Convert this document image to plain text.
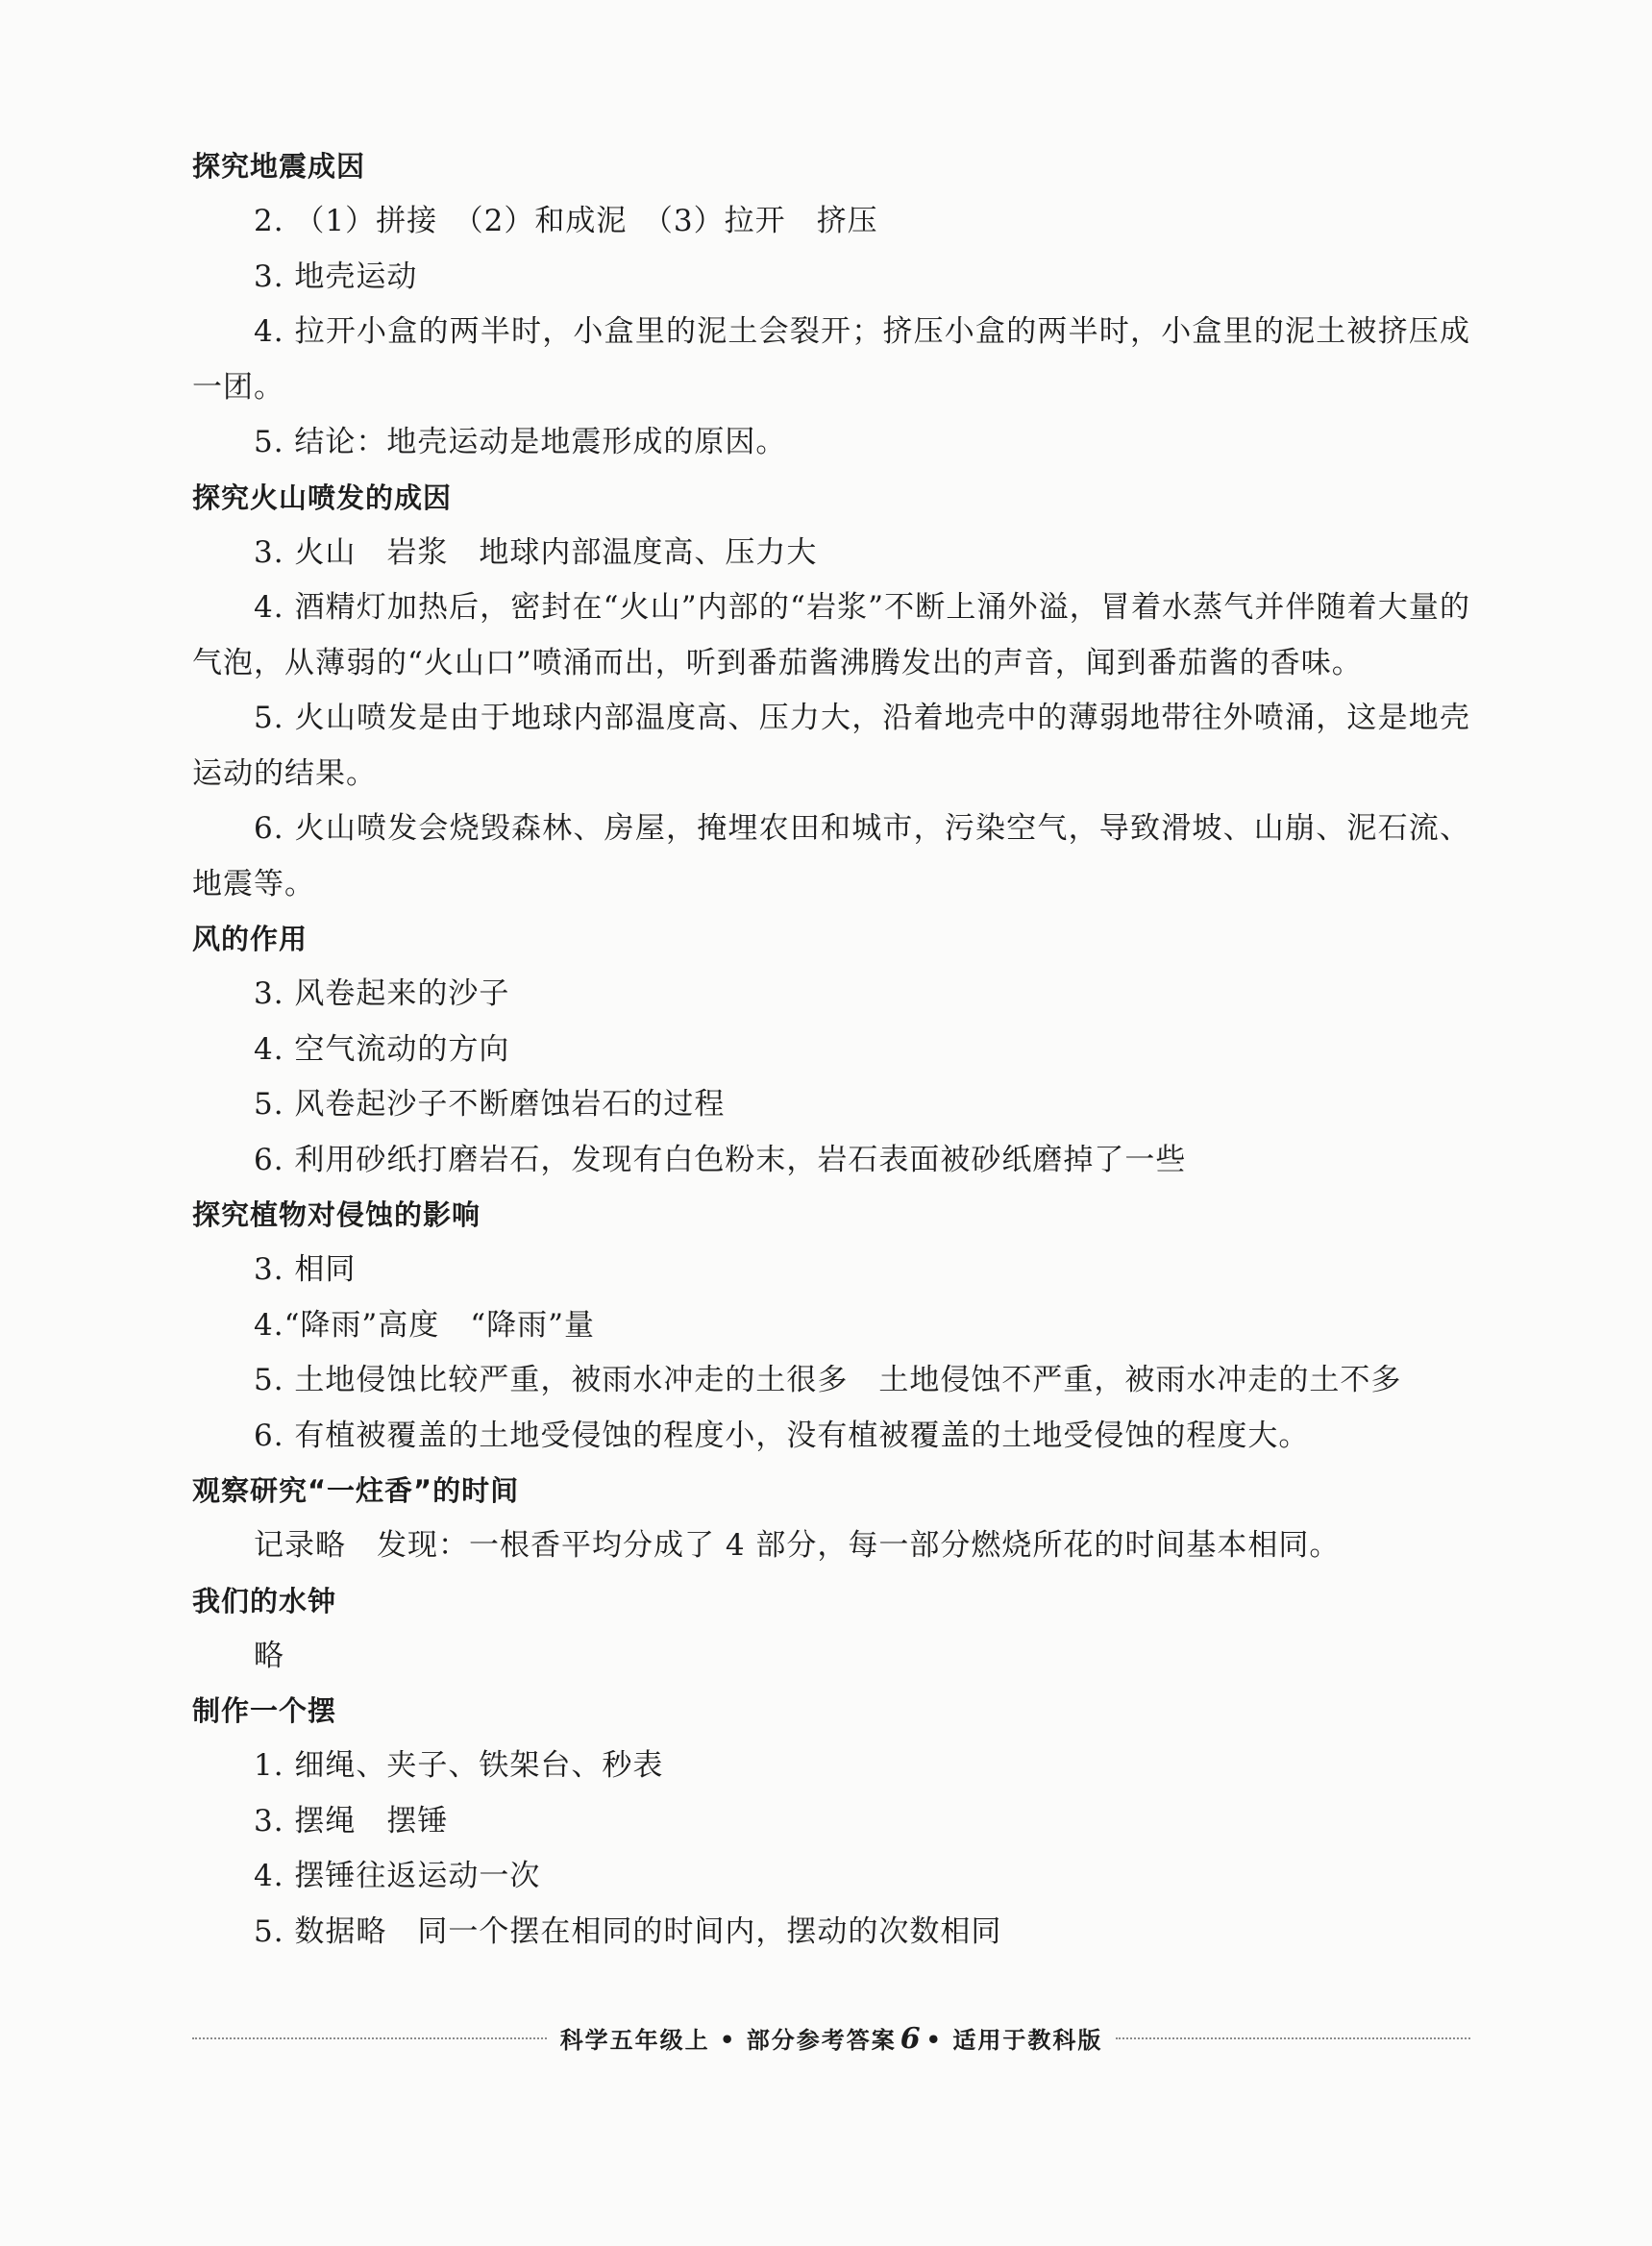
探究地震成因
2. （1）拼接　（2）和成泥　（3）拉开　挤压
3. 地壳运动
4. 拉开小盒的两半时，小盒里的泥土会裂开；挤压小盒的两半时，小盒里的泥土被挤压成一团。
5. 结论：地壳运动是地震形成的原因。
探究火山喷发的成因
3. 火山　岩浆　地球内部温度高、压力大
4. 酒精灯加热后，密封在“火山”内部的“岩浆”不断上涌外溢，冒着水蒸气并伴随着大量的气泡，从薄弱的“火山口”喷涌而出，听到番茄酱沸腾发出的声音，闻到番茄酱的香味。
5. 火山喷发是由于地球内部温度高、压力大，沿着地壳中的薄弱地带往外喷涌，这是地壳运动的结果。
6. 火山喷发会烧毁森林、房屋，掩埋农田和城市，污染空气，导致滑坡、山崩、泥石流、地震等。
风的作用
3. 风卷起来的沙子
4. 空气流动的方向
5. 风卷起沙子不断磨蚀岩石的过程
6. 利用砂纸打磨岩石，发现有白色粉末，岩石表面被砂纸磨掉了一些
探究植物对侵蚀的影响
3. 相同
4.“降雨”高度　“降雨”量
5. 土地侵蚀比较严重，被雨水冲走的土很多　土地侵蚀不严重，被雨水冲走的土不多
6. 有植被覆盖的土地受侵蚀的程度小，没有植被覆盖的土地受侵蚀的程度大。
观察研究“一炷香”的时间
记录略　发现：一根香平均分成了 4 部分，每一部分燃烧所花的时间基本相同。
我们的水钟
略
制作一个摆
1. 细绳、夹子、铁架台、秒表
3. 摆绳　摆锤
4. 摆锤往返运动一次
5. 数据略　同一个摆在相同的时间内，摆动的次数相同
科学五年级上 • 部分参考答案 6 • 适用于教科版
